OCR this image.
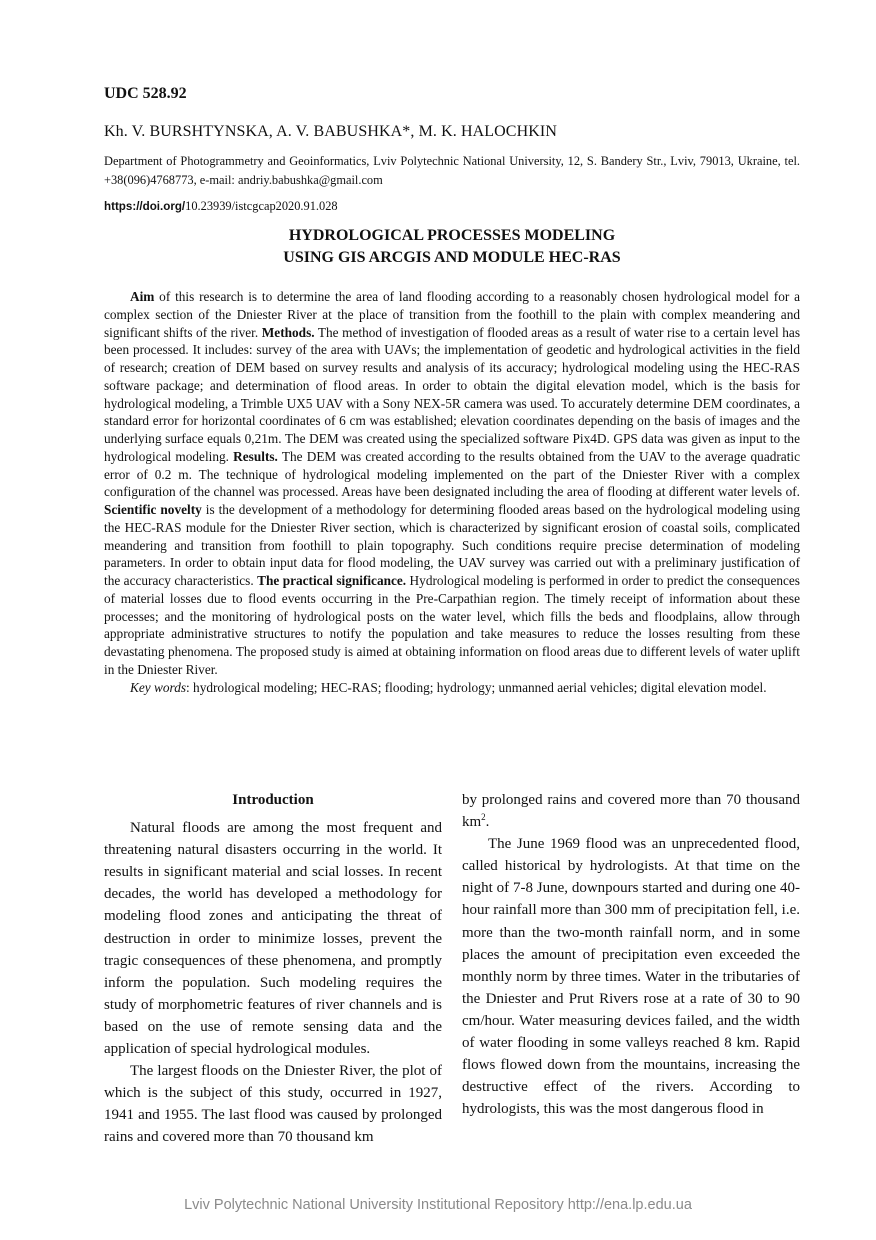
UDC 528.92
Kh. V. BURSHTYNSKA, A. V. BABUSHKA*, M. K. HALOCHKIN
Department of Photogrammetry and Geoinformatics, Lviv Polytechnic National University, 12, S. Bandery Str., Lviv, 79013, Ukraine, tel. +38(096)4768773, e-mail: andriy.babushka@gmail.com
https://doi.org/10.23939/istcgcap2020.91.028
HYDROLOGICAL PROCESSES MODELING
USING GIS ARCGIS AND MODULE HEC-RAS

Aim of this research is to determine the area of land flooding according to a reasonably chosen hydrological model for a complex section of the Dniester River at the place of transition from the foothill to the plain with complex meandering and significant shifts of the river. Methods. The method of investigation of flooded areas as a result of water rise to a certain level has been processed. It includes: survey of the area with UAVs; the implementation of geodetic and hydrological activities in the field of research; creation of DEM based on survey results and analysis of its accuracy; hydrological modeling using the HEC-RAS software package; and determination of flood areas. In order to obtain the digital elevation model, which is the basis for hydrological modeling, a Trimble UX5 UAV with a Sony NEX-5R camera was used. To accurately determine DEM coordinates, a standard error for horizontal coordinates of 6 cm was established; elevation coordinates depending on the basis of images and the underlying surface equals 0,21m. The DEM was created using the specialized software Pix4D. GPS data was given as input to the hydrological modeling. Results. The DEM was created according to the results obtained from the UAV to the average quadratic error of 0.2 m. The technique of hydrological modeling implemented on the part of the Dniester River with a complex configuration of the channel was processed. Areas have been designated including the area of flooding at different water levels of. Scientific novelty is the development of a methodology for determining flooded areas based on the hydrological modeling using the HEC-RAS module for the Dniester River section, which is characterized by significant erosion of coastal soils, complicated meandering and transition from foothill to plain topography. Such conditions require precise determination of modeling parameters. In order to obtain input data for flood modeling, the UAV survey was carried out with a preliminary justification of the accuracy characteristics. The practical significance. Hydrological modeling is performed in order to predict the consequences of material losses due to flood events occurring in the Pre-Carpathian region. The timely receipt of information about these processes; and the monitoring of hydrological posts on the water level, which fills the beds and floodplains, allow through appropriate administrative structures to notify the population and take measures to reduce the losses resulting from these devastating phenomena. The proposed study is aimed at obtaining information on flood areas due to different levels of water uplift in the Dniester River.

Key words: hydrological modeling; HEC-RAS; flooding; hydrology; unmanned aerial vehicles; digital elevation model.

Introduction

Natural floods are among the most frequent and threatening natural disasters occurring in the world. It results in significant material and scial losses. In recent decades, the world has developed a methodology for modeling flood zones and anticipating the threat of destruction in order to minimize losses, prevent the tragic consequences of these phenomena, and promptly inform the population. Such modeling requires the study of morphometric features of river channels and is based on the use of remote sensing data and the application of special hydrological modules.

The largest floods on the Dniester River, the plot of which is the subject of this study, occurred in 1927, 1941 and 1955. The last flood was caused by prolonged rains and covered more than 70 thousand km

by prolonged rains and covered more than 70 thousand $km^2$.

The June 1969 flood was an unprecedented flood, called historical by hydrologists. At that time on the night of 7-8 June, downpours started and during one 40-hour rainfall more than 300 mm of precipitation fell, i.e. more than the two-month rainfall norm, and in some places the amount of precipitation even exceeded the monthly norm by three times. Water in the tributaries of the Dniester and Prut Rivers rose at a rate of 30 to 90 cm/hour. Water measuring devices failed, and the width of water flooding in some valleys reached 8 km. Rapid flows flowed down from the mountains, increasing the destructive effect of the rivers. According to hydrologists, this was the most dangerous flood in

Lviv Polytechnic National University Institutional Repository http://ena.lp.edu.ua
